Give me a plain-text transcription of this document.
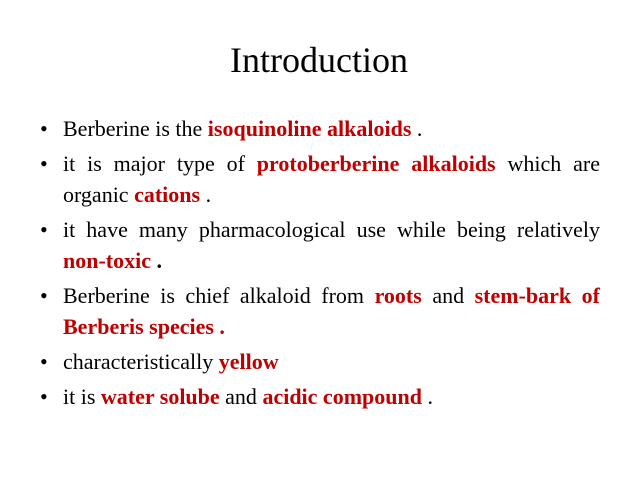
Introduction
• Berberine is the isoquinoline alkaloids .
• it is major type of protoberberine alkaloids which are organic cations .
• it have many pharmacological use while being relatively non-toxic .
• Berberine is chief alkaloid from roots and stem-bark of Berberis species .
• characteristically yellow
• it is water solube and acidic compound .
